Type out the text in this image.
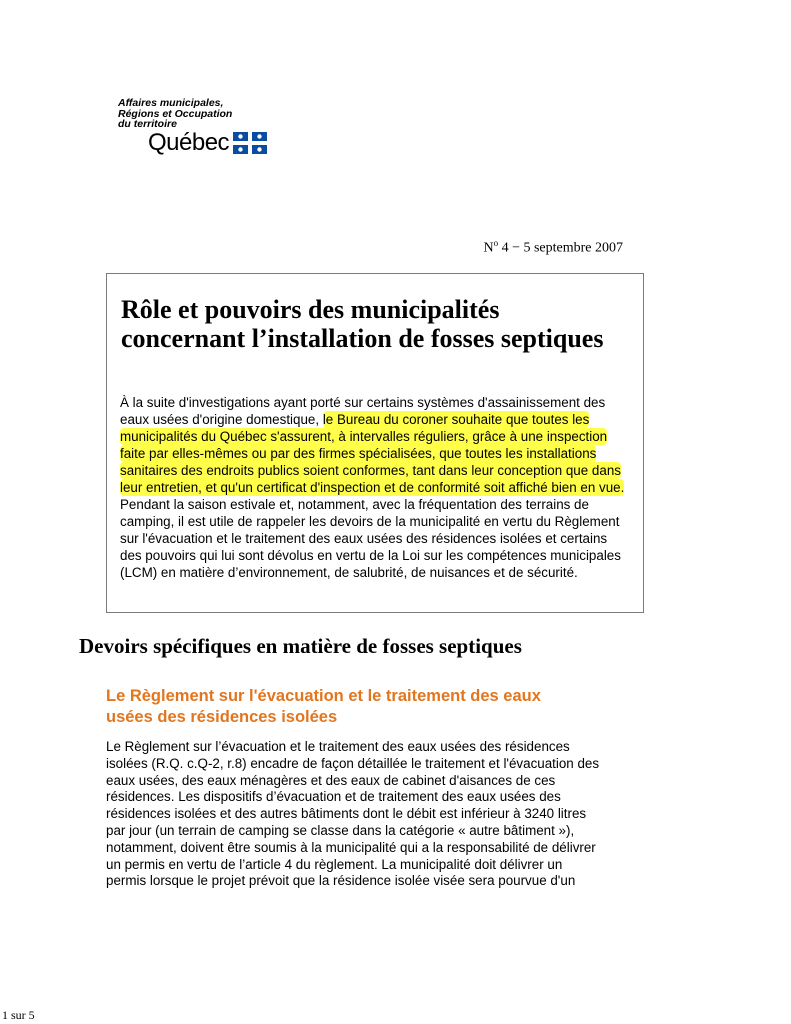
Affaires municipales,
Régions et Occupation
du territoire
Québec
$N^o$ 4 − 5 septembre 2007
Rôle et pouvoirs des municipalités concernant l’installation de fosses septiques
À la suite d'investigations ayant porté sur certains systèmes d'assainissement des eaux usées d'origine domestique, le Bureau du coroner souhaite que toutes les municipalités du Québec s'assurent, à intervalles réguliers, grâce à une inspection faite par elles-mêmes ou par des firmes spécialisées, que toutes les installations sanitaires des endroits publics soient conformes, tant dans leur conception que dans leur entretien, et qu'un certificat d'inspection et de conformité soit affiché bien en vue. Pendant la saison estivale et, notamment, avec la fréquentation des terrains de camping, il est utile de rappeler les devoirs de la municipalité en vertu du Règlement sur l'évacuation et le traitement des eaux usées des résidences isolées et certains des pouvoirs qui lui sont dévolus en vertu de la Loi sur les compétences municipales (LCM) en matière d’environnement, de salubrité, de nuisances et de sécurité.
Devoirs spécifiques en matière de fosses septiques
Le Règlement sur l'évacuation et le traitement des eaux usées des résidences isolées
Le Règlement sur l’évacuation et le traitement des eaux usées des résidences isolées (R.Q. c.Q-2, r.8) encadre de façon détaillée le traitement et l'évacuation des eaux usées, des eaux ménagères et des eaux de cabinet d'aisances de ces résidences. Les dispositifs d’évacuation et de traitement des eaux usées des résidences isolées et des autres bâtiments dont le débit est inférieur à 3240 litres par jour (un terrain de camping se classe dans la catégorie « autre bâtiment »), notamment, doivent être soumis à la municipalité qui a la responsabilité de délivrer un permis en vertu de l’article 4 du règlement. La municipalité doit délivrer un permis lorsque le projet prévoit que la résidence isolée visée sera pourvue d'un
1 sur 5
